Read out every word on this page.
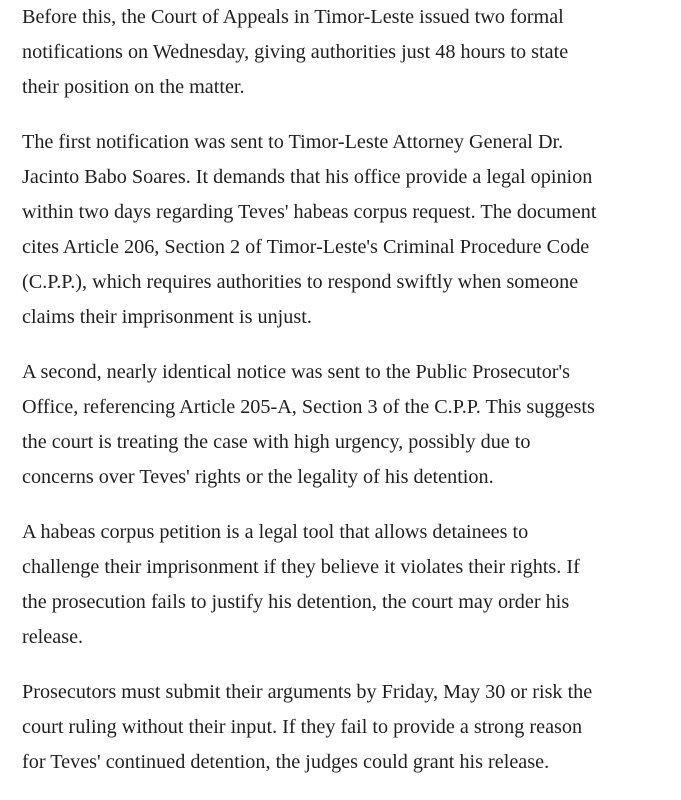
Before this, the Court of Appeals in Timor-Leste issued two formal
notifications on Wednesday, giving authorities just 48 hours to state
their position on the matter.

The first notification was sent to Timor-Leste Attorney General Dr.
Jacinto Babo Soares. It demands that his office provide a legal opinion
within two days regarding Teves' habeas corpus request. The document
cites Article 206, Section 2 of Timor-Leste's Criminal Procedure Code
(C.P.P.), which requires authorities to respond swiftly when someone
claims their imprisonment is unjust.

A second, nearly identical notice was sent to the Public Prosecutor's
Office, referencing Article 205-A, Section 3 of the C.P.P. This suggests
the court is treating the case with high urgency, possibly due to
concerns over Teves' rights or the legality of his detention.

A habeas corpus petition is a legal tool that allows detainees to
challenge their imprisonment if they believe it violates their rights. If
the prosecution fails to justify his detention, the court may order his
release.

Prosecutors must submit their arguments by Friday, May 30 or risk the
court ruling without their input. If they fail to provide a strong reason
for Teves' continued detention, the judges could grant his release.
